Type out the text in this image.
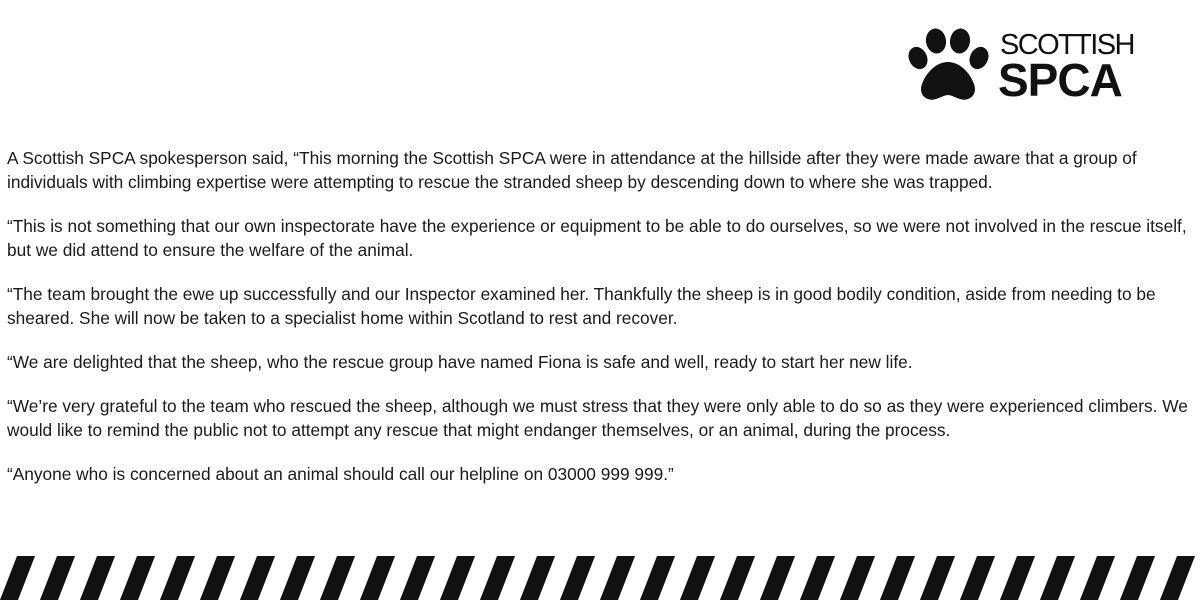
SCOTTISH
SPCA

A Scottish SPCA spokesperson said, “This morning the Scottish SPCA were in attendance at the hillside after they were made aware that a group of individuals with climbing expertise were attempting to rescue the stranded sheep by descending down to where she was trapped.

“This is not something that our own inspectorate have the experience or equipment to be able to do ourselves, so we were not involved in the rescue itself, but we did attend to ensure the welfare of the animal.

“The team brought the ewe up successfully and our Inspector examined her. Thankfully the sheep is in good bodily condition, aside from needing to be sheared. She will now be taken to a specialist home within Scotland to rest and recover.

“We are delighted that the sheep, who the rescue group have named Fiona is safe and well, ready to start her new life.

“We’re very grateful to the team who rescued the sheep, although we must stress that they were only able to do so as they were experienced climbers. We would like to remind the public not to attempt any rescue that might endanger themselves, or an animal, during the process.

“Anyone who is concerned about an animal should call our helpline on 03000 999 999.”
